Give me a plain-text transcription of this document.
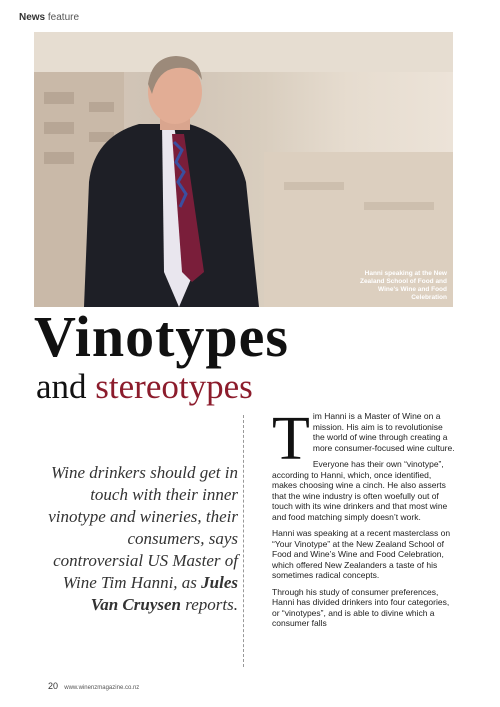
News feature
Hanni speaking at the New Zealand School of Food and Wine's Wine and Food Celebration
Vinotypes
and stereotypes
Wine drinkers should get in touch with their inner vinotype and wineries, their consumers, says controversial US Master of Wine Tim Hanni, as Jules Van Cruysen reports.
T im Hanni is a Master of Wine on a mission. His aim is to revolutionise the world of wine through creating a more consumer-focused wine culture.

Everyone has their own “vinotype”, according to Hanni, which, once identified, makes choosing wine a cinch. He also asserts that the wine industry is often woefully out of touch with its wine drinkers and that most wine and food matching simply doesn’t work.

Hanni was speaking at a recent masterclass on “Your Vinotype” at the New Zealand School of Food and Wine’s Wine and Food Celebration, which offered New Zealanders a taste of his sometimes radical concepts.

Through his study of consumer preferences, Hanni has divided drinkers into four categories, or “vinotypes”, and is able to divine which a consumer falls

20 www.winenzmagazine.co.nz
